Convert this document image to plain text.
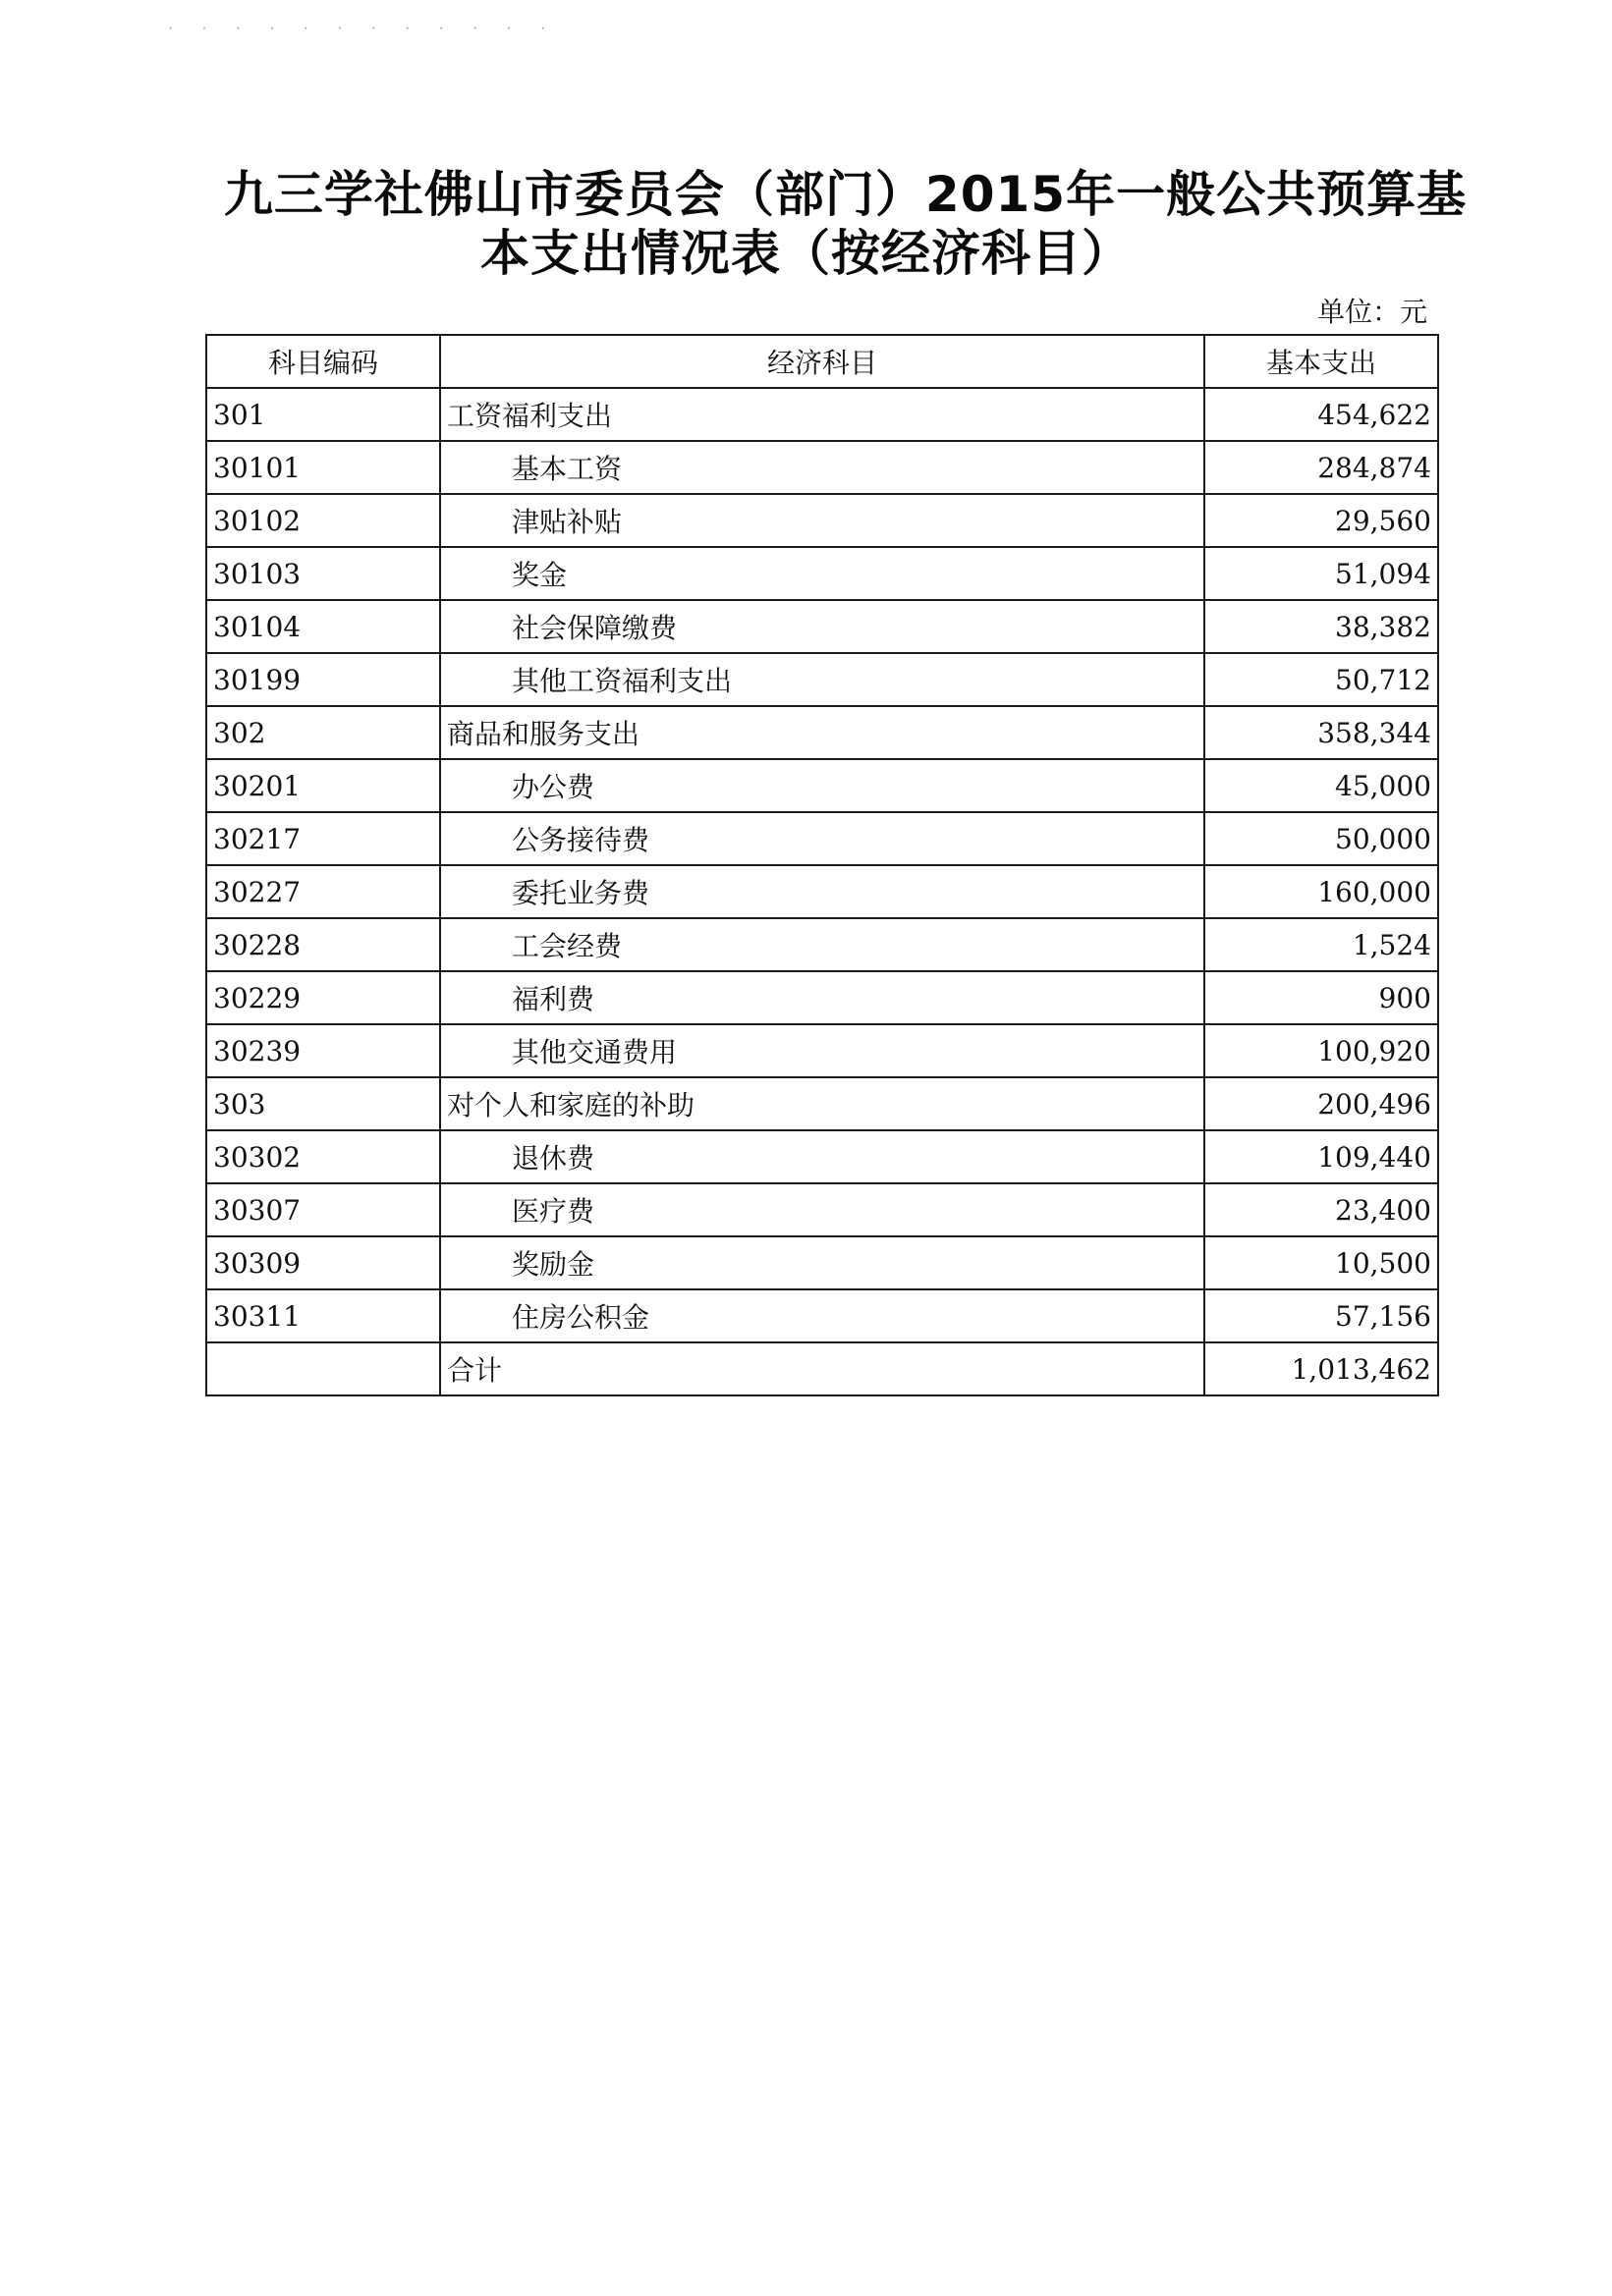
· · · · · · · · · · · ·
九三学社佛山市委员会（部门）2015年一般公共预算基
本支出情况表（按经济科目）
单位：元
科目编码	经济科目	基本支出
301	工资福利支出	454,622
30101	基本工资	284,874
30102	津贴补贴	29,560
30103	奖金	51,094
30104	社会保障缴费	38,382
30199	其他工资福利支出	50,712
302	商品和服务支出	358,344
30201	办公费	45,000
30217	公务接待费	50,000
30227	委托业务费	160,000
30228	工会经费	1,524
30229	福利费	900
30239	其他交通费用	100,920
303	对个人和家庭的补助	200,496
30302	退休费	109,440
30307	医疗费	23,400
30309	奖励金	10,500
30311	住房公积金	57,156
	合计	1,013,462
